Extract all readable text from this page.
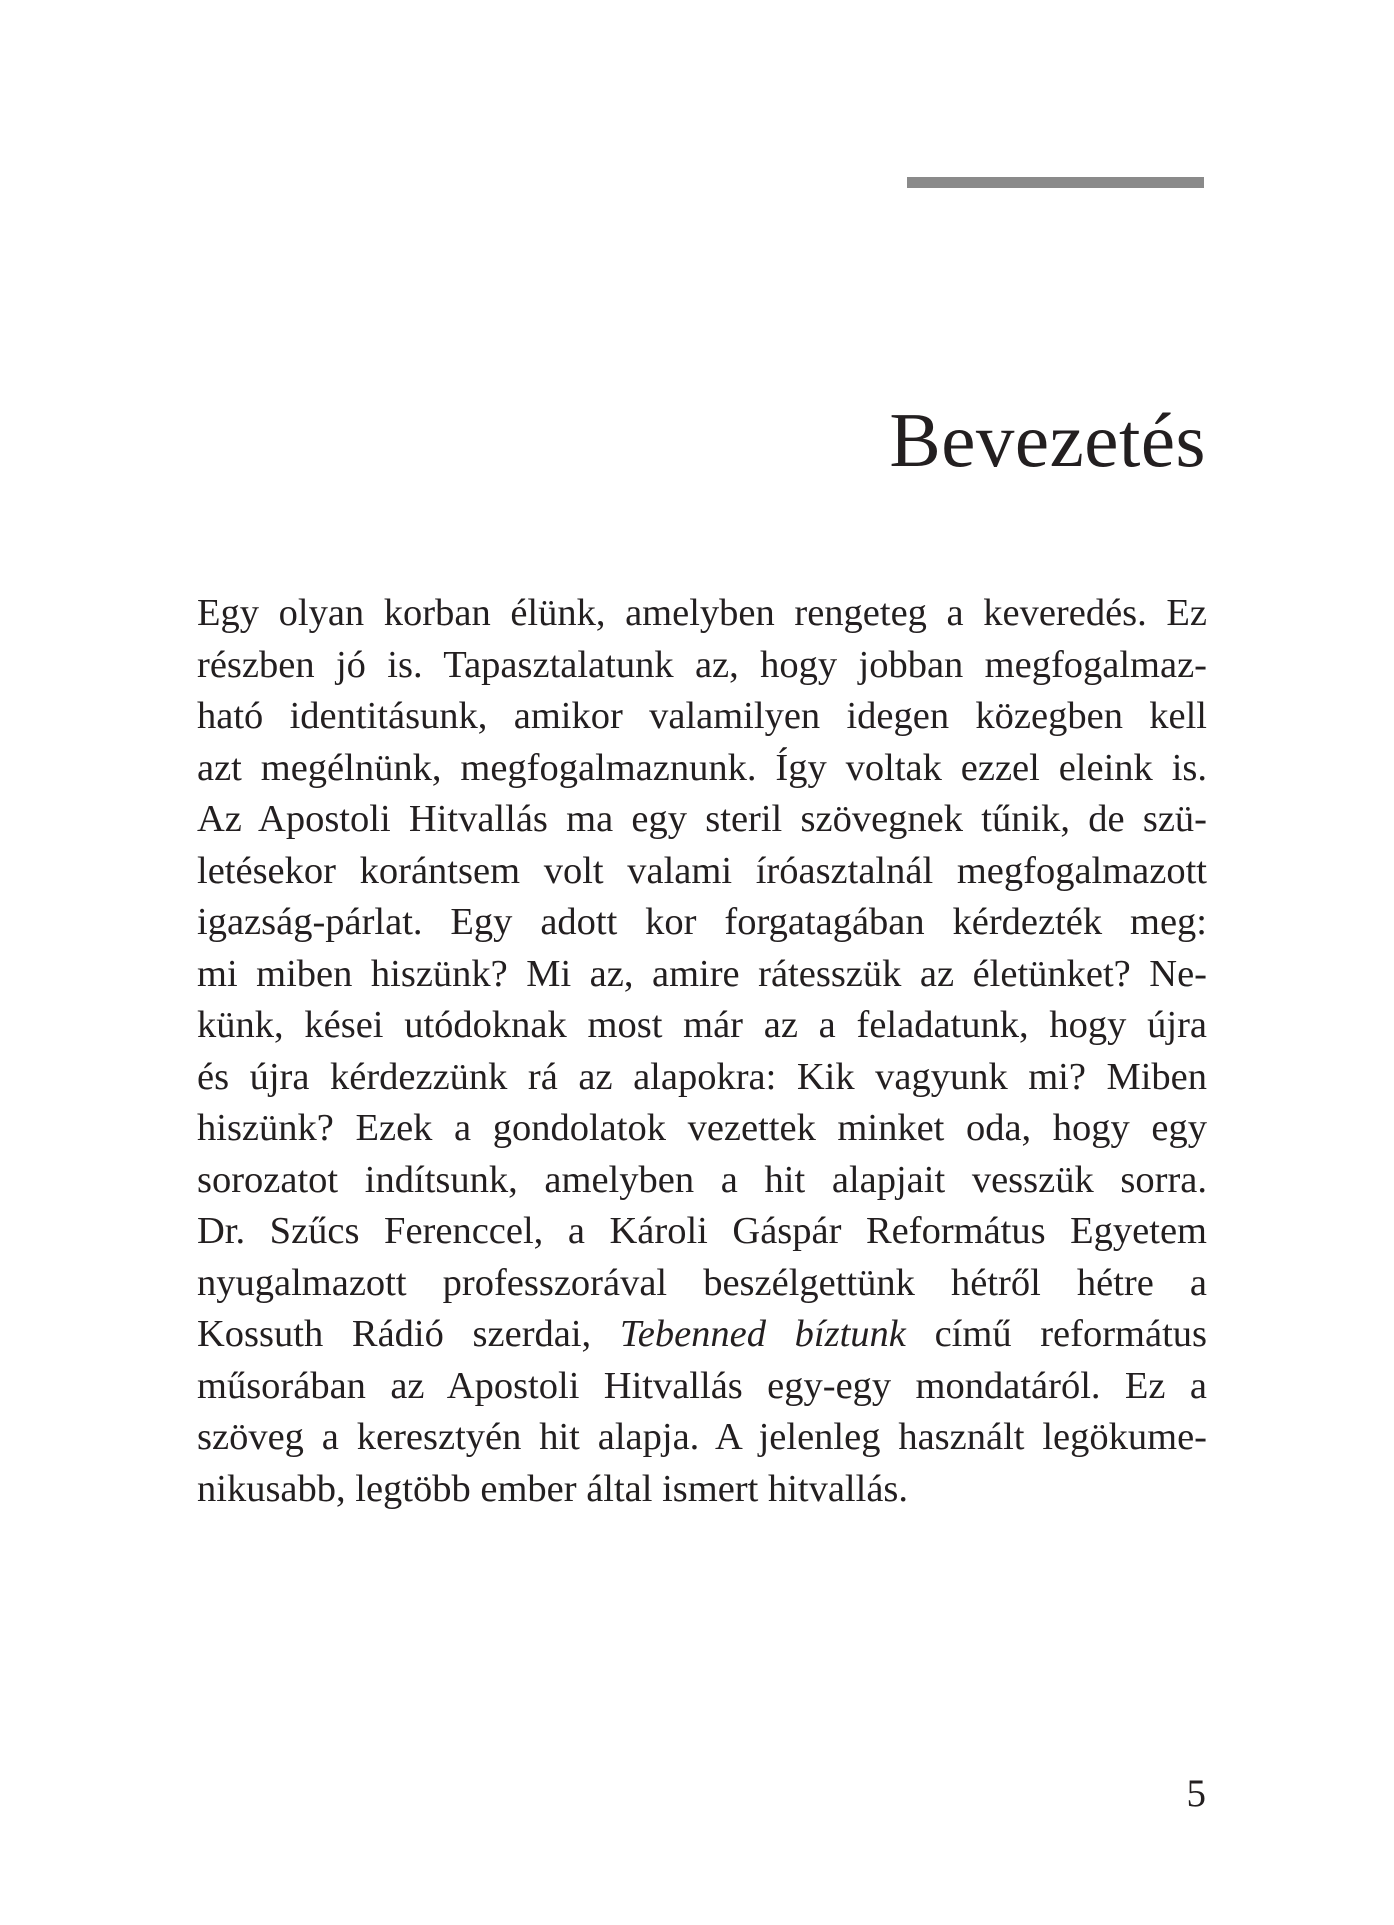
Bevezetés
Egy olyan korban élünk, amelyben rengeteg a keveredés. Ez
részben jó is. Tapasztalatunk az, hogy jobban megfogalmaz-
ható identitásunk, amikor valamilyen idegen közegben kell
azt megélnünk, megfogalmaznunk. Így voltak ezzel eleink is.
Az Apostoli Hitvallás ma egy steril szövegnek tűnik, de szü-
letésekor korántsem volt valami íróasztalnál megfogalmazott
igazság-párlat. Egy adott kor forgatagában kérdezték meg:
mi miben hiszünk? Mi az, amire rátesszük az életünket? Ne-
künk, kései utódoknak most már az a feladatunk, hogy újra
és újra kérdezzünk rá az alapokra: Kik vagyunk mi? Miben
hiszünk? Ezek a gondolatok vezettek minket oda, hogy egy
sorozatot indítsunk, amelyben a hit alapjait vesszük sorra.
Dr. Szűcs Ferenccel, a Károli Gáspár Református Egyetem
nyugalmazott professzorával beszélgettünk hétről hétre a
Kossuth Rádió szerdai, Tebenned bíztunk című református
műsorában az Apostoli Hitvallás egy-egy mondatáról. Ez a
szöveg a keresztyén hit alapja. A jelenleg használt legökume-
nikusabb, legtöbb ember által ismert hitvallás.
5
